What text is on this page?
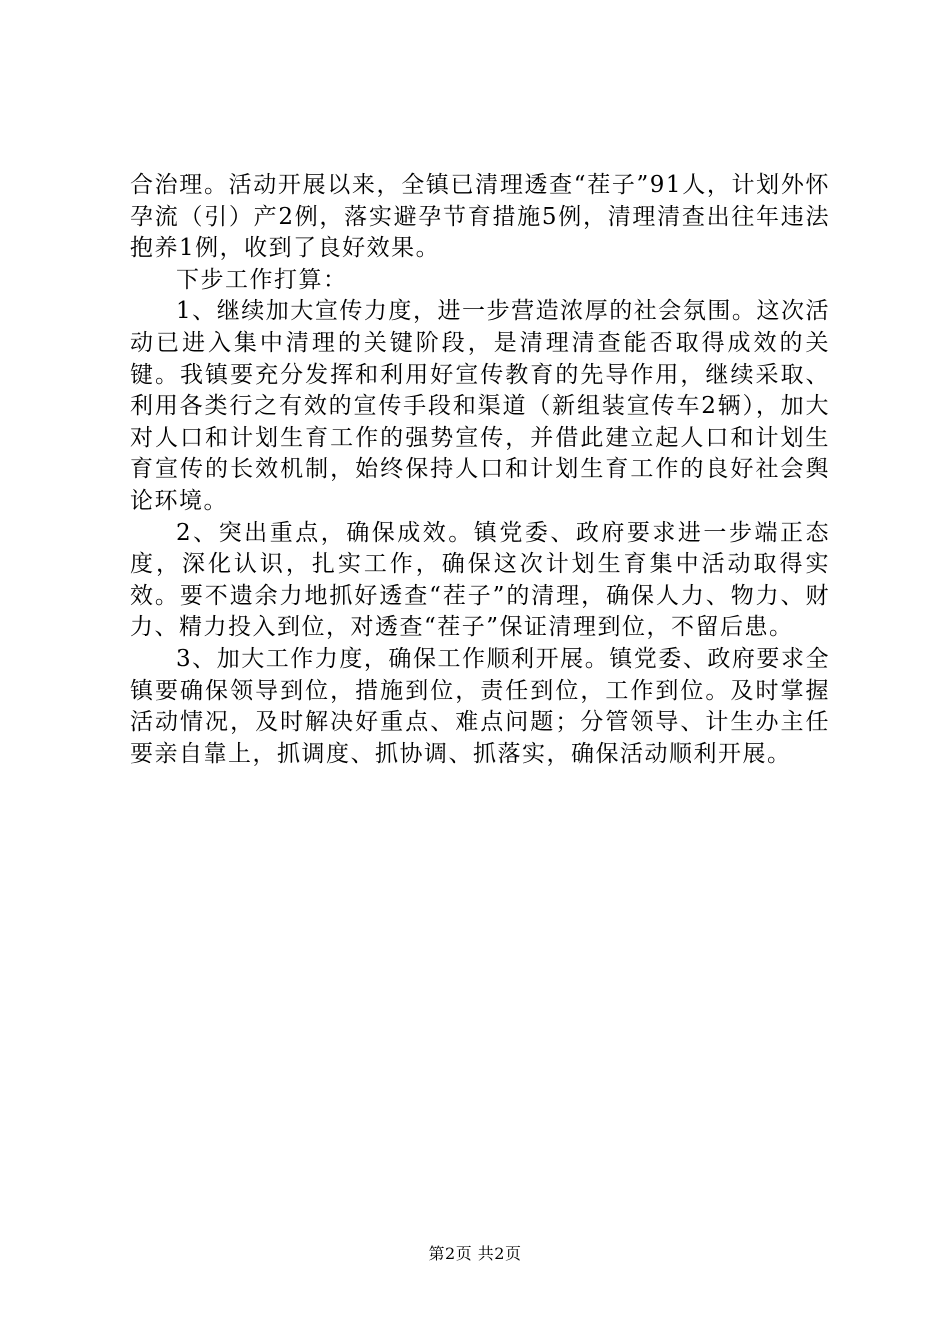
合治理。活动开展以来，全镇已清理透查“茬子”91人，计划外怀孕流（引）产2例，落实避孕节育措施5例，清理清查出往年违法抱养1例，收到了良好效果。

下步工作打算：

1、继续加大宣传力度，进一步营造浓厚的社会氛围。这次活动已进入集中清理的关键阶段，是清理清查能否取得成效的关键。我镇要充分发挥和利用好宣传教育的先导作用，继续采取、利用各类行之有效的宣传手段和渠道（新组装宣传车2辆），加大对人口和计划生育工作的强势宣传，并借此建立起人口和计划生育宣传的长效机制，始终保持人口和计划生育工作的良好社会舆论环境。

2、突出重点，确保成效。镇党委、政府要求进一步端正态度，深化认识，扎实工作，确保这次计划生育集中活动取得实效。要不遗余力地抓好透查“茬子”的清理，确保人力、物力、财力、精力投入到位，对透查“茬子”保证清理到位，不留后患。

3、加大工作力度，确保工作顺利开展。镇党委、政府要求全镇要确保领导到位，措施到位，责任到位，工作到位。及时掌握活动情况，及时解决好重点、难点问题；分管领导、计生办主任要亲自靠上，抓调度、抓协调、抓落实，确保活动顺利开展。

第2页 共2页
